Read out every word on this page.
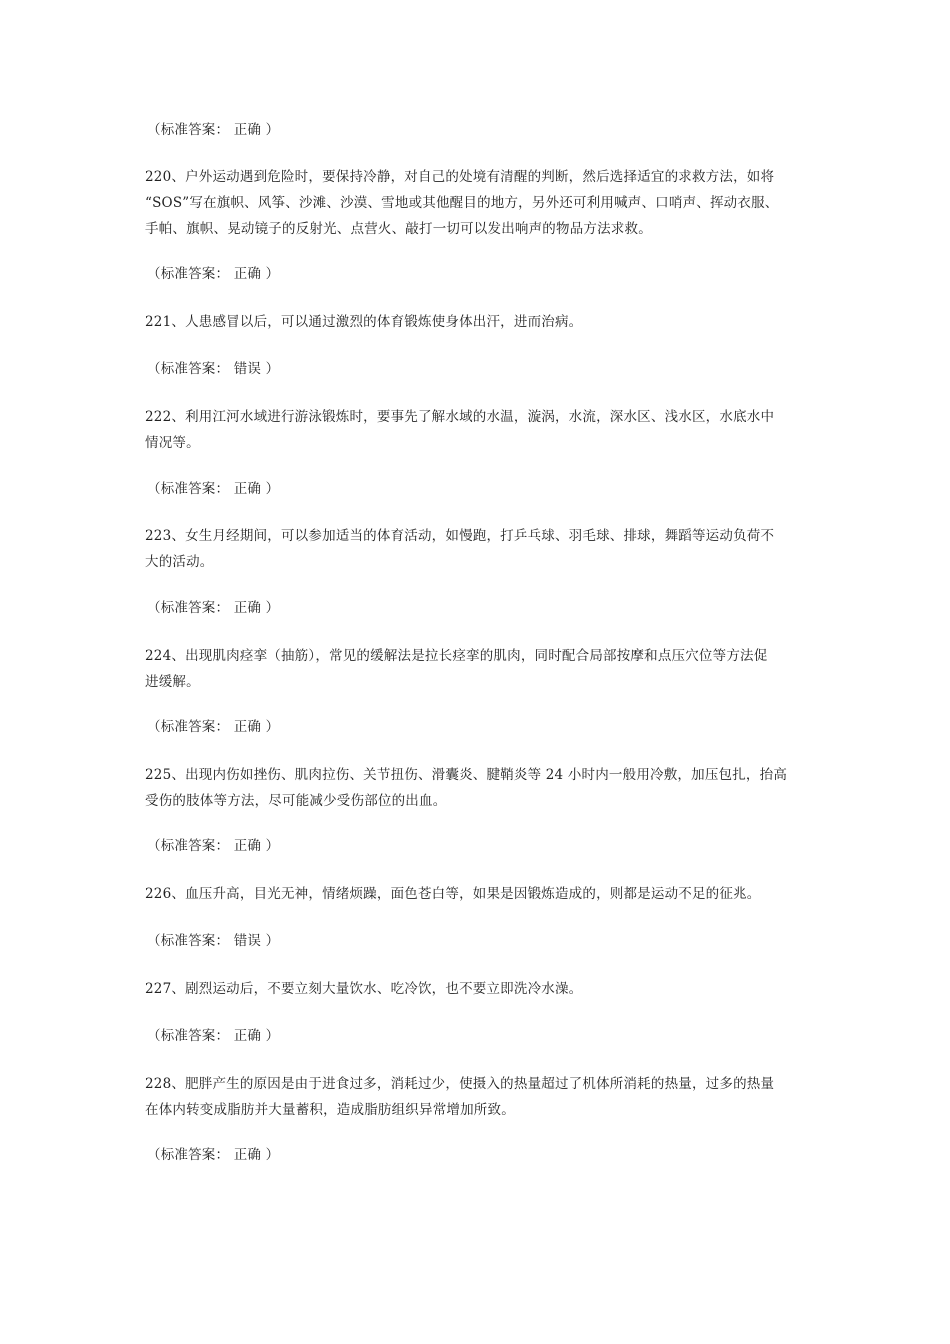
（标准答案： 正确 ）
220、户外运动遇到危险时，要保持冷静，对自己的处境有清醒的判断，然后选择适宜的求救方法，如将
“SOS”写在旗帜、风筝、沙滩、沙漠、雪地或其他醒目的地方，另外还可利用喊声、口哨声、挥动衣服、
手帕、旗帜、晃动镜子的反射光、点营火、敲打一切可以发出响声的物品方法求救。
（标准答案： 正确 ）
221、人患感冒以后，可以通过激烈的体育锻炼使身体出汗，进而治病。
（标准答案： 错误 ）
222、利用江河水域进行游泳锻炼时，要事先了解水域的水温，漩涡，水流，深水区、浅水区，水底水中
情况等。
（标准答案： 正确 ）
223、女生月经期间，可以参加适当的体育活动，如慢跑，打乒乓球、羽毛球、排球，舞蹈等运动负荷不
大的活动。
（标准答案： 正确 ）
224、出现肌肉痉挛（抽筋），常见的缓解法是拉长痉挛的肌肉，同时配合局部按摩和点压穴位等方法促
进缓解。
（标准答案： 正确 ）
225、出现内伤如挫伤、肌肉拉伤、关节扭伤、滑囊炎、腱鞘炎等 24 小时内一般用冷敷，加压包扎，抬高
受伤的肢体等方法，尽可能减少受伤部位的出血。
（标准答案： 正确 ）
226、血压升高，目光无神，情绪烦躁，面色苍白等，如果是因锻炼造成的，则都是运动不足的征兆。
（标准答案： 错误 ）
227、剧烈运动后，不要立刻大量饮水、吃冷饮，也不要立即洗冷水澡。
（标准答案： 正确 ）
228、肥胖产生的原因是由于进食过多，消耗过少，使摄入的热量超过了机体所消耗的热量，过多的热量
在体内转变成脂肪并大量蓄积，造成脂肪组织异常增加所致。
（标准答案： 正确 ）
